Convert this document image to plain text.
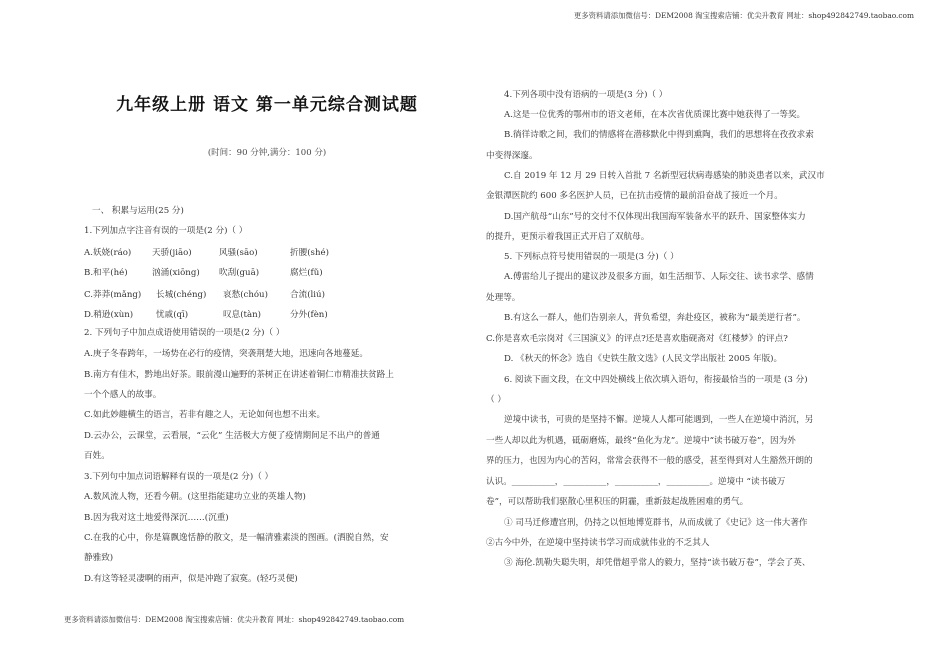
更多资料请添加微信号：DEM2008 淘宝搜索店铺：优尖升教育 网址：shop492842749.taobao.com
九年级上册 语文 第一单元综合测试题
(时间：90 分钟,满分：100 分)
一、 积累与运用(25 分)
1.下列加点字注音有误的一项是(2 分)（ ）
A.妖娆(ráo) 天骄(jiāo)	风骚(sāo)	折腰(shé)
B.和平(hé)	汹涌(xiōng) 吹刮(guā)	腐烂(fǔ)
C.莽莽(mǎng) 长城(chéng) 哀愁(chóu)	合流(liú)
D.稍逊(xùn)	忧戚(qī)	叹息(tàn)	分外(fèn)
2. 下列句子中加点成语使用错误的一项是(2 分)（ ）
A.庚子冬春跨年，一场势在必行的疫情，突袭荆楚大地，迅速向各地蔓延。
B.南方有佳木，黔地出好茶。眼前漫山遍野的茶树正在讲述着铜仁市精准扶贫路上
一个个感人的故事。
C.如此妙趣横生的语言，若非有趣之人，无论如何也想不出来。
D.云办公，云课堂，云看展，“云化” 生活极大方便了疫情期间足不出户的普通
百姓。
3.下列句中加点词语解释有误的一项是(2 分)（ ）
A.数风流人物，还看今朝。(这里指能建功立业的英雄人物)
B.因为我对这土地爱得深沉……(沉重)
C.在我的心中，你是篇飘逸恬静的散文，是一幅清雅素淡的图画。(洒脱自然，安
静雅致)
D.有这等轻灵凄啊的雨声，似是冲跑了寂寞。(轻巧灵便)
4.下列各项中没有语病的一项是(3 分)（ ）
A.这是一位优秀的鄂州市的语文老师，在本次省优质课比赛中她获得了一等奖。
B.徜徉诗歌之间，我们的情感将在潜移默化中得到熏陶，我们的思想将在孜孜求索
中变得深邃。
C.自 2019 年 12 月 29 日转入首批 7 名新型冠状病毒感染的肺炎患者以来，武汉市
金银潭医院约 600 多名医护人员，已在抗击疫情的最前沿奋战了接近一个月。
D.国产航母“山东”号的交付不仅体现出我国海军装备水平的跃升、国家整体实力
的提升，更预示着我国正式开启了双航母。
5. 下列标点符号使用错误的一项是(3 分)（ ）
A.傅雷给儿子提出的建议涉及很多方面，如生活细节、人际交往、读书求学、感情
处理等。
B.有这么一群人，他们告别亲人，背负希望，奔赴疫区，被称为“最美逆行者”。
C.你是喜欢毛宗岗对《三国演义》的评点?还是喜欢脂砚斋对《红楼梦》的评点?
D. 《秋天的怀念》选自《史铁生散文选》(人民文学出版社 2005 年版)。
6. 阅读下面文段，在文中四处横线上依次填入语句，衔接最恰当的一项是 (3 分)
（ ）
逆境中读书，可贵的是坚持不懈。逆境人人都可能遇到，一些人在逆境中消沉，另
一些人却以此为机遇，砥砺磨炼，最终“鱼化为龙”。逆境中“读书破万卷”，因为外
界的压力，也因为内心的苦闷，常常会获得不一般的感受，甚至得到对人生豁然开朗的
认识。__________，__________，__________，__________。逆境中 “读书破万
卷”，可以帮助我们驱散心里积压的阴霾，重新鼓起战胜困难的勇气。
① 司马迁修遭宫刑，仍持之以恒地博览群书，从而成就了《史记》这一伟大著作
②古今中外，在逆境中坚持读书学习而成就伟业的不乏其人
③ 海伦.凯勒失聪失明，却凭借超乎常人的毅力，坚持“读书破万卷”，学会了英、
更多资料请添加微信号：DEM2008 淘宝搜索店铺：优尖升教育 网址：shop492842749.taobao.com
